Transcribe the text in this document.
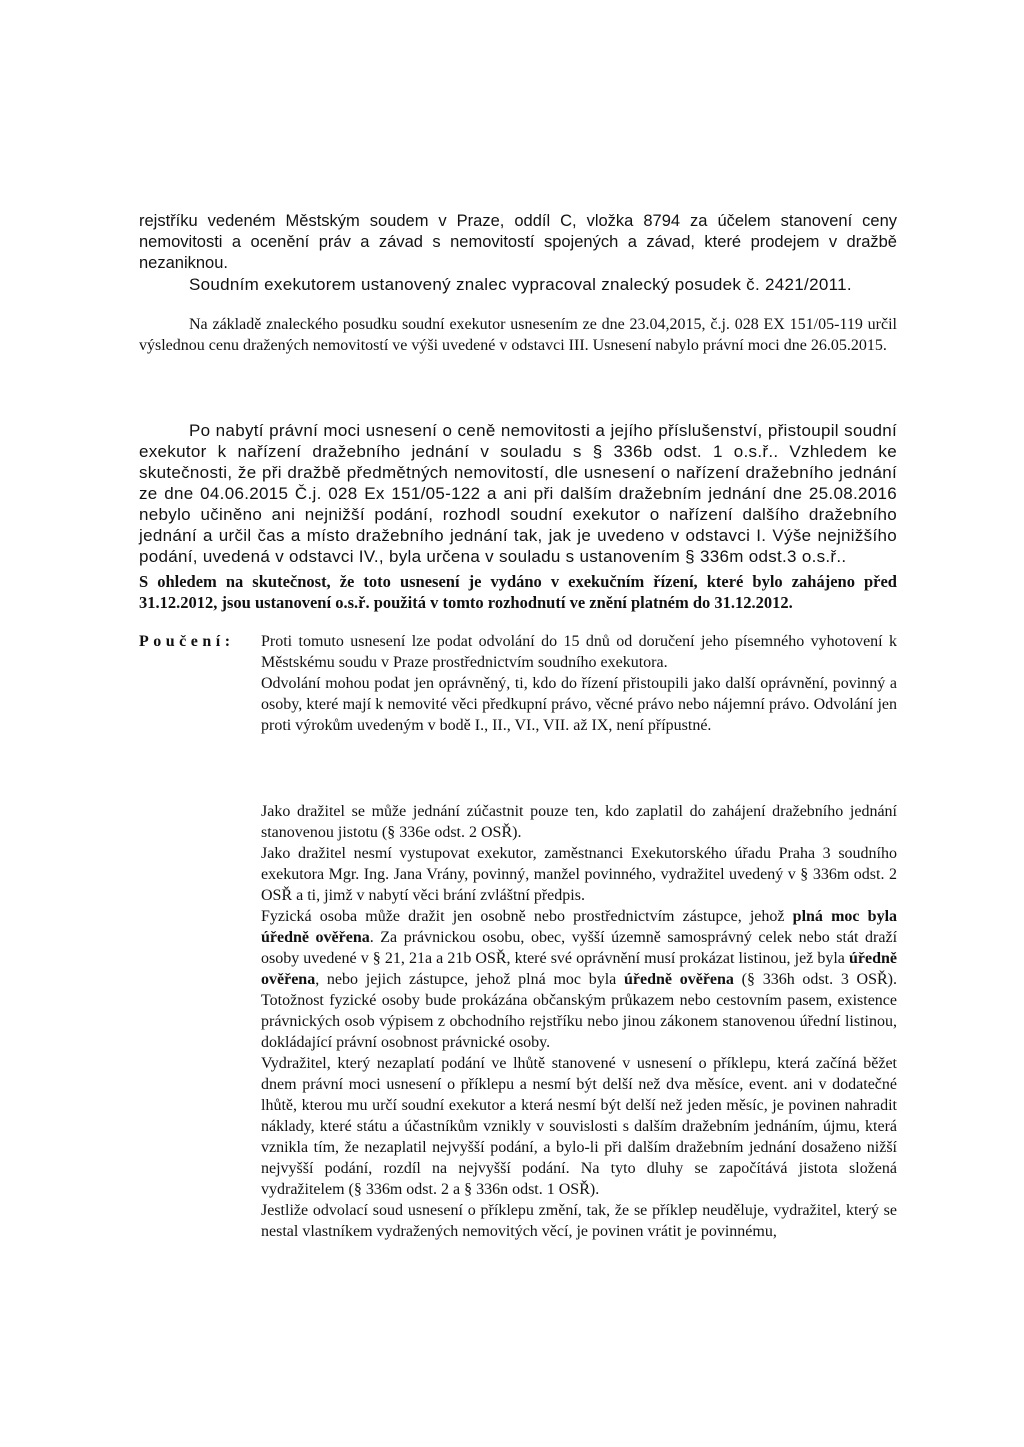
rejstříku vedeném Městským soudem v Praze, oddíl C, vložka 8794 za účelem stanovení ceny nemovitosti a ocenění práv a závad s nemovitostí spojených a závad, které prodejem v dražbě nezaniknou.

Soudním exekutorem ustanovený znalec vypracoval znalecký posudek č. 2421/2011.

Na základě znaleckého posudku soudní exekutor usnesením ze dne 23.04,2015, č.j. 028 EX 151/05-119 určil výslednou cenu dražených nemovitostí ve výši uvedené v odstavci III. Usnesení nabylo právní moci dne 26.05.2015.

Po nabytí právní moci usnesení o ceně nemovitosti a jejího příslušenství, přistoupil soudní exekutor k nařízení dražebního jednání v souladu s § 336b odst. 1 o.s.ř.. Vzhledem ke skutečnosti, že při dražbě předmětných nemovitostí, dle usnesení o nařízení dražebního jednání ze dne 04.06.2015 Č.j. 028 Ex 151/05-122 a ani při dalším dražebním jednání dne 25.08.2016 nebylo učiněno ani nejnižší podání, rozhodl soudní exekutor o nařízení dalšího dražebního jednání a určil čas a místo dražebního jednání tak, jak je uvedeno v odstavci I. Výše nejnižšího podání, uvedená v odstavci IV., byla určena v souladu s ustanovením § 336m odst.3 o.s.ř..

S ohledem na skutečnost, že toto usnesení je vydáno v exekučním řízení, které bylo zahájeno před 31.12.2012, jsou ustanovení o.s.ř. použitá v tomto rozhodnutí ve znění platném do 31.12.2012.

Poučení:	Proti tomuto usnesení lze podat odvolání do 15 dnů od doručení jeho písemného vyhotovení k Městskému soudu v Praze prostřednictvím soudního exekutora.

Odvolání mohou podat jen oprávněný, ti, kdo do řízení přistoupili jako další oprávnění, povinný a osoby, které mají k nemovité věci předkupní právo, věcné právo nebo nájemní právo. Odvolání jen proti výrokům uvedeným v bodě I., II., VI., VII. až IX, není přípustné.

Jako dražitel se může jednání zúčastnit pouze ten, kdo zaplatil do zahájení dražebního jednání stanovenou jistotu (§ 336e odst. 2 OSŘ).

Jako dražitel nesmí vystupovat exekutor, zaměstnanci Exekutorského úřadu Praha 3 soudního exekutora Mgr. Ing. Jana Vrány, povinný, manžel povinného, vydražitel uvedený v § 336m odst. 2 OSŘ a ti, jimž v nabytí věci brání zvláštní předpis.

Fyzická osoba může dražit jen osobně nebo prostřednictvím zástupce, jehož plná moc byla úředně ověřena. Za právnickou osobu, obec, vyšší územně samosprávný celek nebo stát draží osoby uvedené v § 21, 21a a 21b OSŘ, které své oprávnění musí prokázat listinou, jež byla úředně ověřena, nebo jejich zástupce, jehož plná moc byla úředně ověřena (§ 336h odst. 3 OSŘ). Totožnost fyzické osoby bude prokázána občanským průkazem nebo cestovním pasem, existence právnických osob výpisem z obchodního rejstříku nebo jinou zákonem stanovenou úřední listinou, dokládající právní osobnost právnické osoby.

Vydražitel, který nezaplatí podání ve lhůtě stanovené v usnesení o příklepu, která začíná běžet dnem právní moci usnesení o příklepu a nesmí být delší než dva měsíce, event. ani v dodatečné lhůtě, kterou mu určí soudní exekutor a která nesmí být delší než jeden měsíc, je povinen nahradit náklady, které státu a účastníkům vznikly v souvislosti s dalším dražebním jednáním, újmu, která vznikla tím, že nezaplatil nejvyšší podání, a bylo-li při dalším dražebním jednání dosaženo nižší nejvyšší podání, rozdíl na nejvyšší podání. Na tyto dluhy se započítává jistota složená vydražitelem (§ 336m odst. 2 a § 336n odst. 1 OSŘ).

Jestliže odvolací soud usnesení o příklepu změní, tak, že se příklep neuděluje, vydražitel, který se nestal vlastníkem vydražených nemovitých věcí, je povinen vrátit je povinnému,
